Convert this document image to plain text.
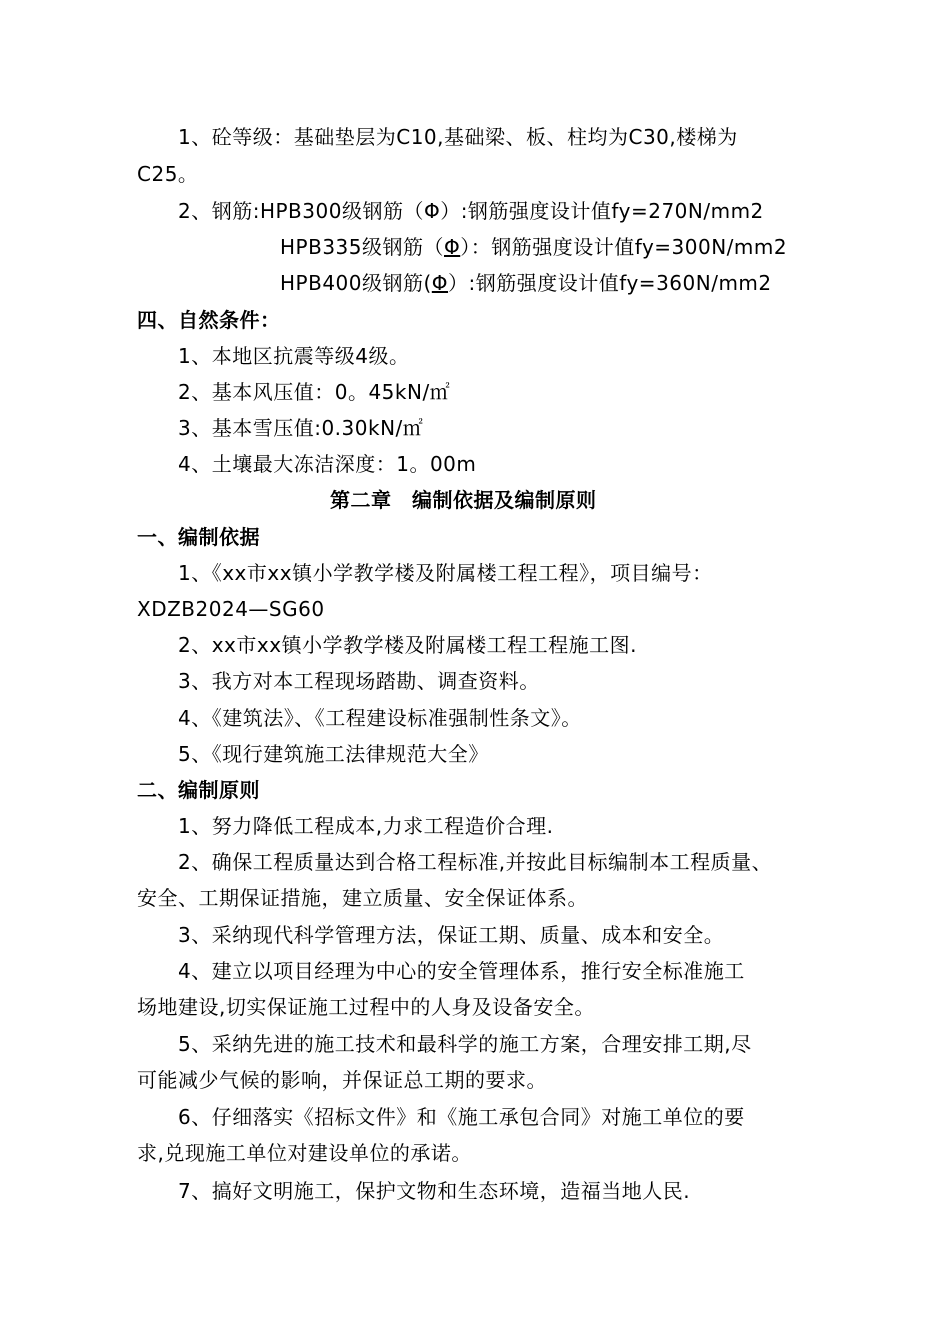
1、砼等级：基础垫层为C10,基础梁、板、柱均为C30,楼梯为
C25。
2、钢筋:HPB300级钢筋（Φ）:钢筋强度设计值fy=270N/mm2
HPB335级钢筋（Φ）：钢筋强度设计值fy=300N/mm2
HPB400级钢筋(Φ）:钢筋强度设计值fy=360N/mm2
四、自然条件：
1、本地区抗震等级4级。
2、基本风压值：0。45kN/㎡
3、基本雪压值:0.30kN/㎡
4、土壤最大冻洁深度：1。00m
第二章　编制依据及编制原则
一、编制依据
1、《xx市xx镇小学教学楼及附属楼工程工程》，项目编号：
XDZB2024—SG60
2、xx市xx镇小学教学楼及附属楼工程工程施工图.
3、我方对本工程现场踏勘、调查资料。
4、《建筑法》、《工程建设标准强制性条文》。
5、《现行建筑施工法律规范大全》
二、编制原则
1、努力降低工程成本,力求工程造价合理.
2、确保工程质量达到合格工程标准,并按此目标编制本工程质量、
安全、工期保证措施，建立质量、安全保证体系。
3、采纳现代科学管理方法，保证工期、质量、成本和安全。
4、建立以项目经理为中心的安全管理体系，推行安全标准施工
场地建设,切实保证施工过程中的人身及设备安全。
5、采纳先进的施工技术和最科学的施工方案，合理安排工期,尽
可能减少气候的影响，并保证总工期的要求。
6、仔细落实《招标文件》和《施工承包合同》对施工单位的要
求,兑现施工单位对建设单位的承诺。
7、搞好文明施工，保护文物和生态环境，造福当地人民.
